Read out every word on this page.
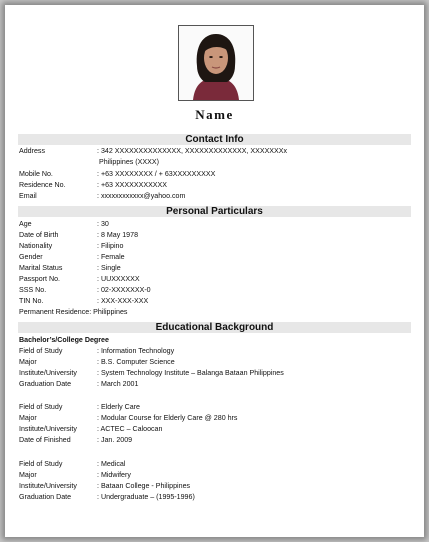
Name
Contact Info
Address	: 342 XXXXXXXXXXXXXX, XXXXXXXXXXXXX, XXXXXXXx
Philippines (XXXX)
Mobile No.	: +63 XXXXXXXX / + 63XXXXXXXXX
Residence No.	: +63 XXXXXXXXXXX
Email	: xxxxxxxxxxxx@yahoo.com
Personal Particulars
Age	: 30
Date of Birth	: 8 May 1978
Nationality	: Filipino
Gender	: Female
Marital Status	: Single
Passport No.	: UUXXXXXX
SSS No.	: 02-XXXXXXX-0
TIN No.	: XXX-XXX-XXX
Permanent Residence: Philippines
Educational Background
Bachelor’s/College Degree
Field of Study	: Information Technology
Major	: B.S. Computer Science
Institute/University	: System Technology Institute – Balanga Bataan Philippines
Graduation Date	: March 2001
Field of Study	: Elderly Care
Major	: Modular Course for Elderly Care @ 280 hrs
Institute/University	: ACTEC – Caloocan
Date of Finished	: Jan. 2009
Field of Study	: Medical
Major	: Midwifery
Institute/University	: Bataan College - Philippines
Graduation Date	: Undergraduate – (1995-1996)
